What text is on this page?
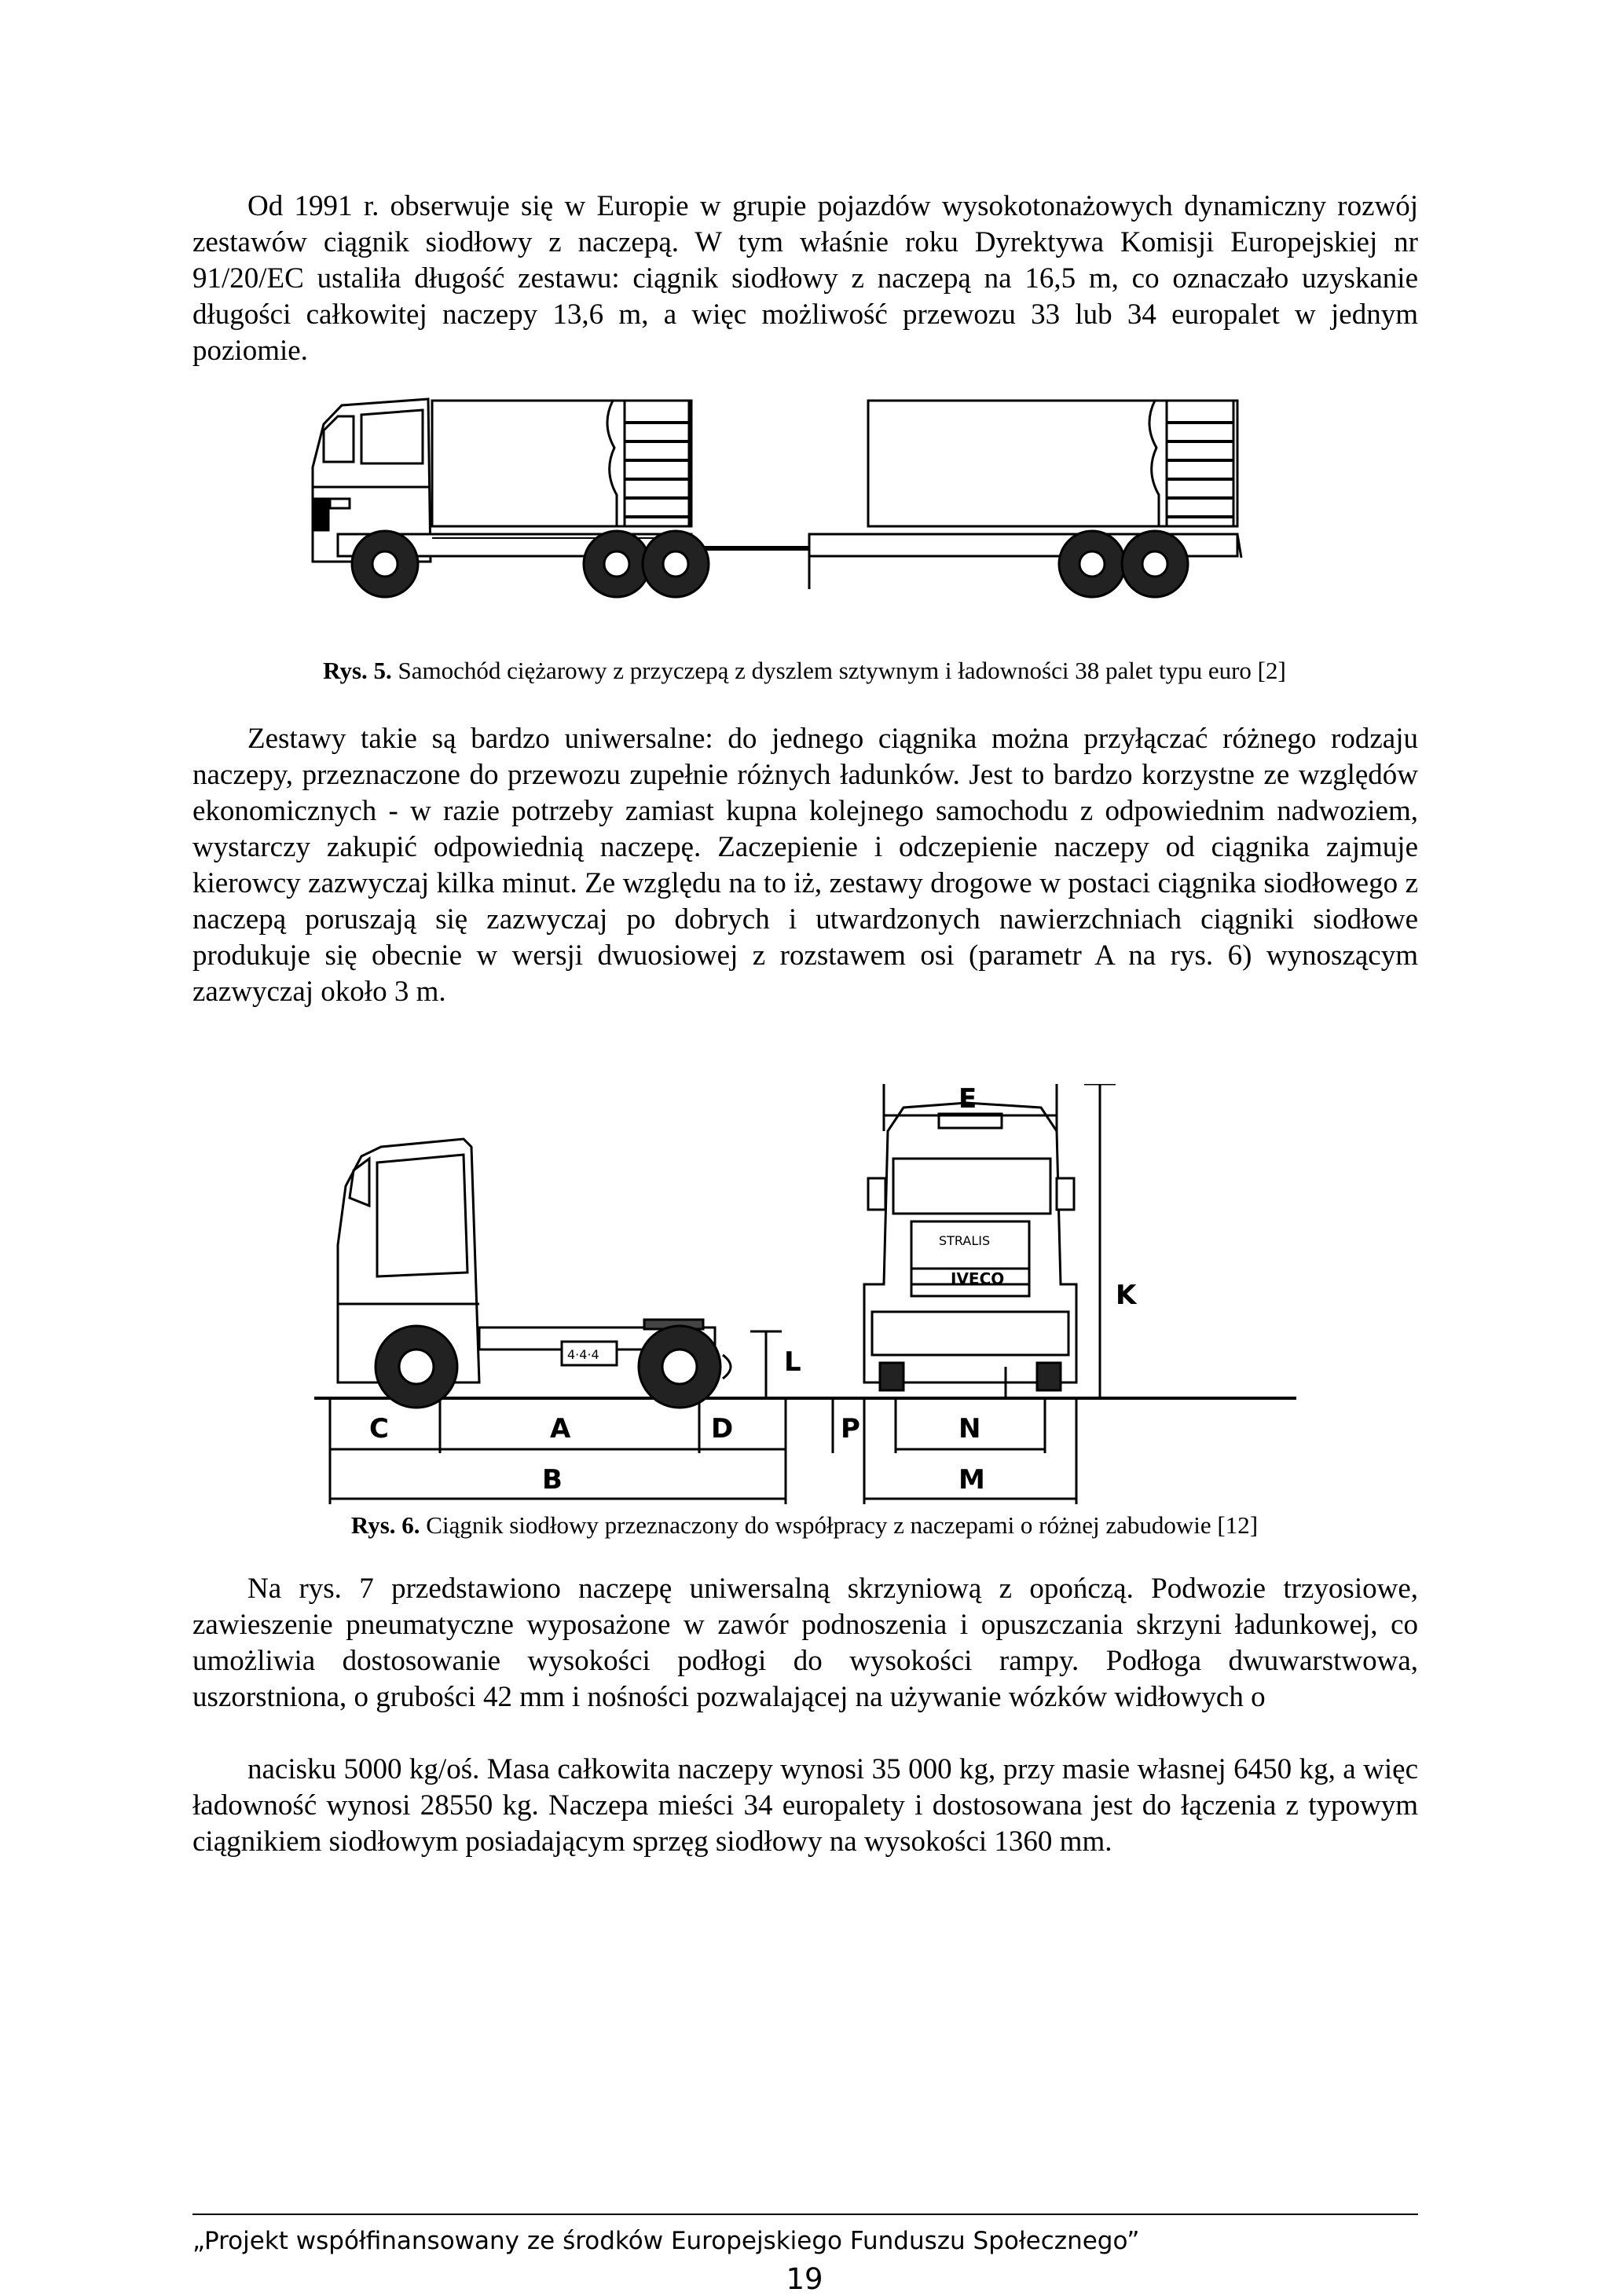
Od 1991 r. obserwuje się w Europie w grupie pojazdów wysokotonażowych dynamiczny rozwój zestawów ciągnik siodłowy z naczepą. W tym właśnie roku Dyrektywa Komisji Europejskiej nr 91/20/EC ustaliła długość zestawu: ciągnik siodłowy z naczepą na 16,5 m, co oznaczało uzyskanie długości całkowitej naczepy 13,6 m, a więc możliwość przewozu 33 lub 34 europalet w jednym poziomie.

Rys. 5. Samochód ciężarowy z przyczepą z dyszlem sztywnym i ładowności 38 palet typu euro [2]

Zestawy takie są bardzo uniwersalne: do jednego ciągnika można przyłączać różnego rodzaju naczepy, przeznaczone do przewozu zupełnie różnych ładunków. Jest to bardzo korzystne ze względów ekonomicznych - w razie potrzeby zamiast kupna kolejnego samochodu z odpowiednim nadwoziem, wystarczy zakupić odpowiednią naczepę. Zaczepienie i odczepienie naczepy od ciągnika zajmuje kierowcy zazwyczaj kilka minut. Ze względu na to iż, zestawy drogowe w postaci ciągnika siodłowego z naczepą poruszają się zazwyczaj po dobrych i utwardzonych nawierzchniach ciągniki siodłowe produkuje się obecnie w wersji dwuosiowej z rozstawem osi (parametr A na rys. 6) wynoszącym zazwyczaj około 3 m.

C	A	D
B
L
E
K
P	N
M
IVECO
STRALIS
4·4·4
Rys. 6. Ciągnik siodłowy przeznaczony do współpracy z naczepami o różnej zabudowie [12]

Na rys. 7 przedstawiono naczepę uniwersalną skrzyniową z opończą. Podwozie trzyosiowe, zawieszenie pneumatyczne wyposażone w zawór podnoszenia i opuszczania skrzyni ładunkowej, co umożliwia dostosowanie wysokości podłogi do wysokości rampy. Podłoga dwuwarstwowa, uszorstniona, o grubości 42 mm i nośności pozwalającej na używanie wózków widłowych o

nacisku 5000 kg/oś. Masa całkowita naczepy wynosi 35 000 kg, przy masie własnej 6450 kg, a więc ładowność wynosi 28550 kg. Naczepa mieści 34 europalety i dostosowana jest do łączenia z typowym ciągnikiem siodłowym posiadającym sprzęg siodłowy na wysokości 1360 mm.

„Projekt współfinansowany ze środków Europejskiego Funduszu Społecznego”
19
